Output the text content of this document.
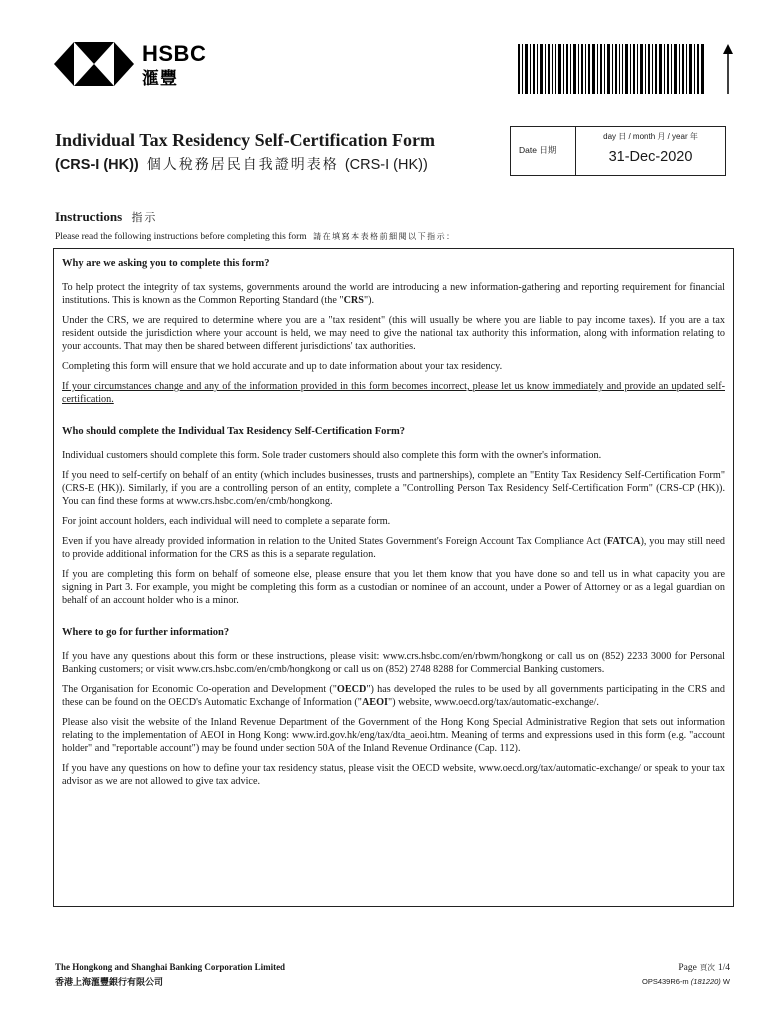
HSBC
滙豐
Individual Tax Residency Self-Certification Form
(CRS-I (HK)) 個人稅務居民自我證明表格 (CRS-I (HK))
Date 日期
day 日 / month 月 / year 年
31-Dec-2020
Instructions 指示
Please read the following instructions before completing this form 請在填寫本表格前細閱以下指示：
Why are we asking you to complete this form?

To help protect the integrity of tax systems, governments around the world are introducing a new information-gathering and reporting requirement for financial institutions. This is known as the Common Reporting Standard (the "CRS").

Under the CRS, we are required to determine where you are a "tax resident" (this will usually be where you are liable to pay income taxes). If you are a tax resident outside the jurisdiction where your account is held, we may need to give the national tax authority this information, along with information relating to your accounts. That may then be shared between different jurisdictions' tax authorities.

Completing this form will ensure that we hold accurate and up to date information about your tax residency.

If your circumstances change and any of the information provided in this form becomes incorrect, please let us know immediately and provide an updated self-certification.

Who should complete the Individual Tax Residency Self-Certification Form?

Individual customers should complete this form. Sole trader customers should also complete this form with the owner's information.

If you need to self-certify on behalf of an entity (which includes businesses, trusts and partnerships), complete an "Entity Tax Residency Self-Certification Form" (CRS-E (HK)). Similarly, if you are a controlling person of an entity, complete a "Controlling Person Tax Residency Self-Certification Form" (CRS-CP (HK)). You can find these forms at www.crs.hsbc.com/en/cmb/hongkong.

For joint account holders, each individual will need to complete a separate form.

Even if you have already provided information in relation to the United States Government's Foreign Account Tax Compliance Act (FATCA), you may still need to provide additional information for the CRS as this is a separate regulation.

If you are completing this form on behalf of someone else, please ensure that you let them know that you have done so and tell us in what capacity you are signing in Part 3. For example, you might be completing this form as a custodian or nominee of an account, under a Power of Attorney or as a legal guardian on behalf of an account holder who is a minor.

Where to go for further information?

If you have any questions about this form or these instructions, please visit: www.crs.hsbc.com/en/rbwm/hongkong or call us on (852) 2233 3000 for Personal Banking customers; or visit www.crs.hsbc.com/en/cmb/hongkong or call us on (852) 2748 8288 for Commercial Banking customers.

The Organisation for Economic Co-operation and Development ("OECD") has developed the rules to be used by all governments participating in the CRS and these can be found on the OECD's Automatic Exchange of Information ("AEOI") website, www.oecd.org/tax/automatic-exchange/.

Please also visit the website of the Inland Revenue Department of the Government of the Hong Kong Special Administrative Region that sets out information relating to the implementation of AEOI in Hong Kong: www.ird.gov.hk/eng/tax/dta_aeoi.htm. Meaning of terms and expressions used in this form (e.g. "account holder" and "reportable account") may be found under section 50A of the Inland Revenue Ordinance (Cap. 112).

If you have any questions on how to define your tax residency status, please visit the OECD website, www.oecd.org/tax/automatic-exchange/ or speak to your tax advisor as we are not allowed to give tax advice.

The Hongkong and Shanghai Banking Corporation Limited
香港上海滙豐銀行有限公司
Page 頁次 1/4
OPS439R6-m (181220) W
